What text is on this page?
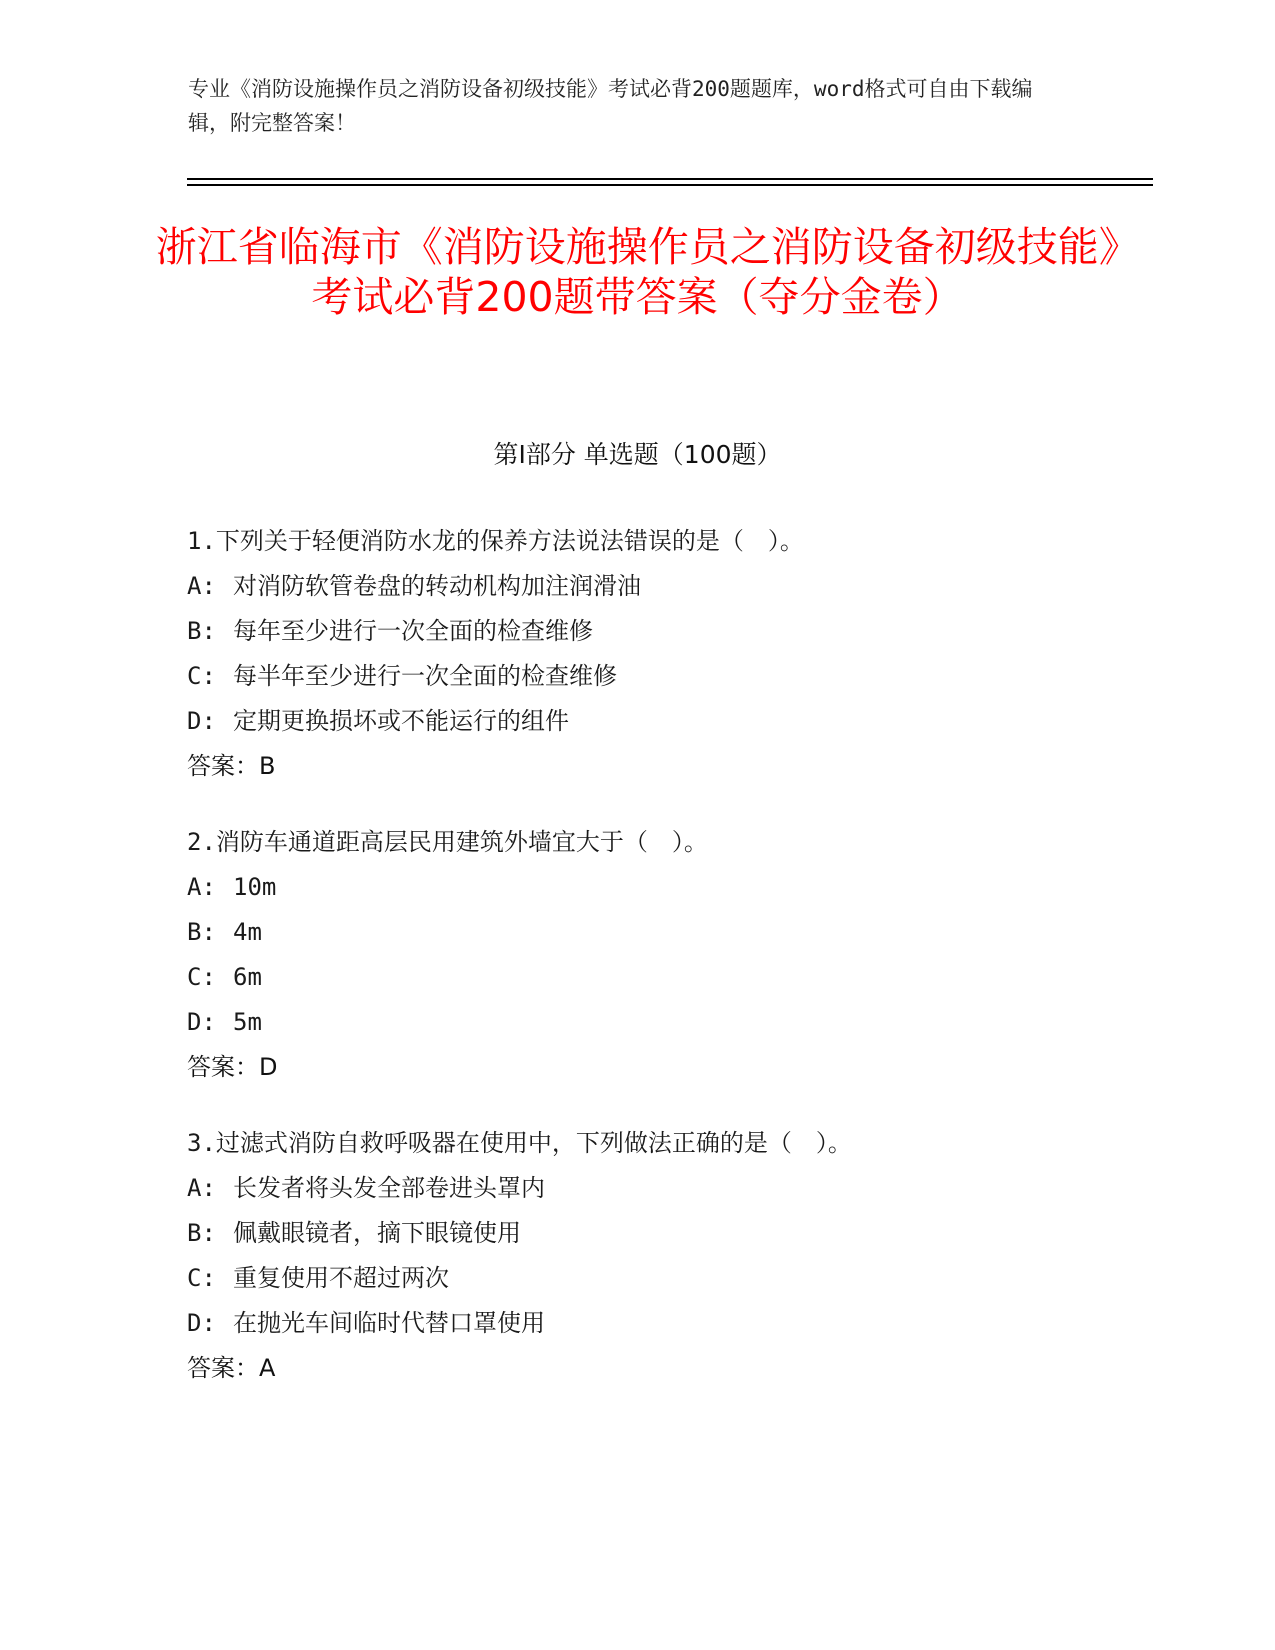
专业《消防设施操作员之消防设备初级技能》考试必背200题题库，word格式可自由下载编辑，附完整答案！

浙江省临海市《消防设施操作员之消防设备初级技能》考试必背200题带答案（夺分金卷）
第I部分 单选题（100题）
1.下列关于轻便消防水龙的保养方法说法错误的是（　）。
A: 对消防软管卷盘的转动机构加注润滑油
B: 每年至少进行一次全面的检查维修
C: 每半年至少进行一次全面的检查维修
D: 定期更换损坏或不能运行的组件
答案：B
2.消防车通道距高层民用建筑外墙宜大于（　）。
A: 10m
B: 4m
C: 6m
D: 5m
答案：D
3.过滤式消防自救呼吸器在使用中，下列做法正确的是（　）。
A: 长发者将头发全部卷进头罩内
B: 佩戴眼镜者，摘下眼镜使用
C: 重复使用不超过两次
D: 在抛光车间临时代替口罩使用
答案：A
